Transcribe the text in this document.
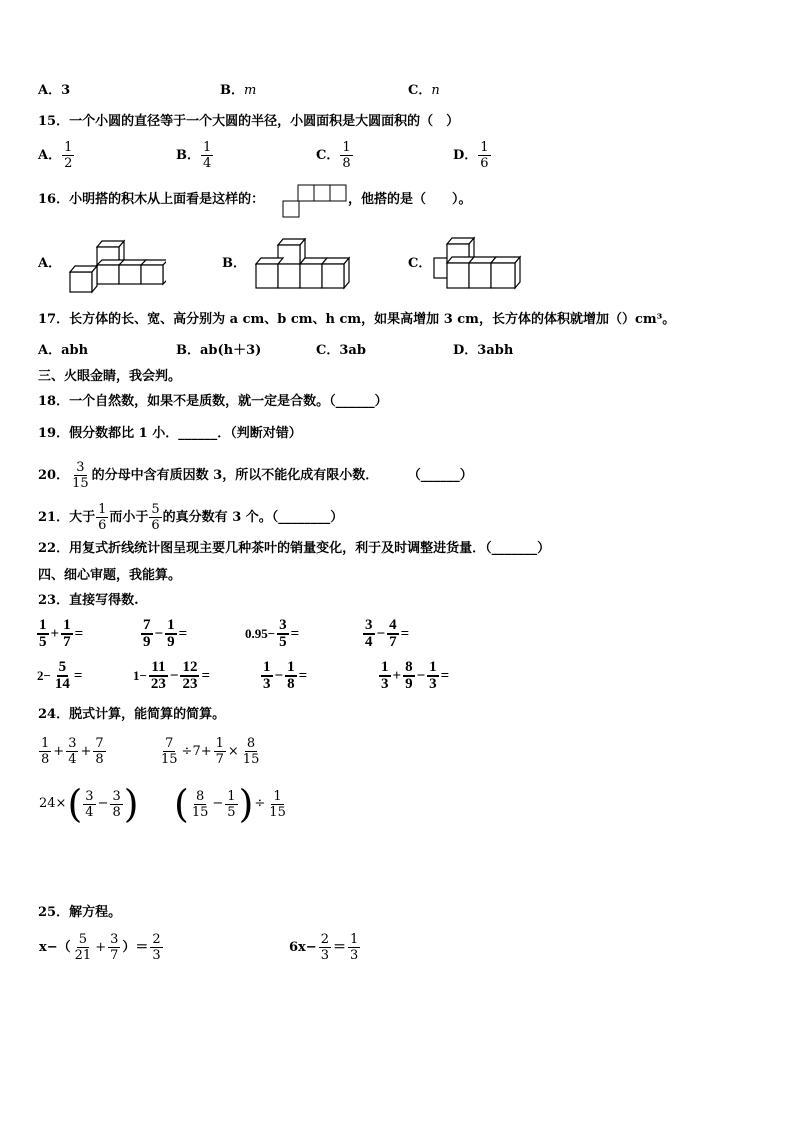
A．3	B．m	C．n
15．一个小圆的直径等于一个大圆的半径，小圆面积是大圆面积的（　）
A． $\frac{1}{2}$	B． $\frac{1}{4}$	C． $\frac{1}{8}$	D． $\frac{1}{6}$
16．小明搭的积木从上面看是这样的：	，他搭的是（　　）。
A．	B．	C．
17．长方体的长、宽、高分别为 a cm、b cm、h cm，如果高增加 3 cm，长方体的体积就增加（）cm³。
A．abh	B．ab(h＋3)	C．3ab	D．3abh
三、火眼金睛，我会判。
18．一个自然数，如果不是质数，就一定是合数。（______）
19．假分数都比 1 小．______．（判断对错）
20． $\frac{3}{15}$ 的分母中含有质因数 3，所以不能化成有限小数．	（______）
21．大于 $\frac{1}{6}$ 而小于 $\frac{5}{6}$ 的真分数有 3 个。（________）
22．用复式折线统计图呈现主要几种茶叶的销量变化，利于及时调整进货量．（_______）
四、细心审题，我能算。
23．直接写得数.
$\frac{1}{5} + \frac{1}{7}$ =	$\frac{7}{9} - \frac{1}{9}$ =	$0.95- \frac{3}{5}$ =	$\frac{3}{4} - \frac{4}{7}$ =
$2- \frac{5}{14}$ =	$1- \frac{11}{23} - \frac{12}{23}$ =	$\frac{1}{3} - \frac{1}{8}$ =	$\frac{1}{3} + \frac{8}{9} - \frac{1}{3}$ =
24．脱式计算，能简算的简算。
$\frac{1}{8} + \frac{3}{4} + \frac{7}{8}$	$\frac{7}{15} \div 7+ \frac{1}{7} \times \frac{8}{15}$
$24\times( \frac{3}{4} - \frac{3}{8}$ ) ( $\frac{8}{15} - \frac{1}{5}$ )÷ $\frac{1}{15}$
25．解方程。
$x-( \frac{5}{21} + \frac{3}{7}$ ）＝ $\frac{2}{3}$	$6x- \frac{2}{3} = \frac{1}{3}$
